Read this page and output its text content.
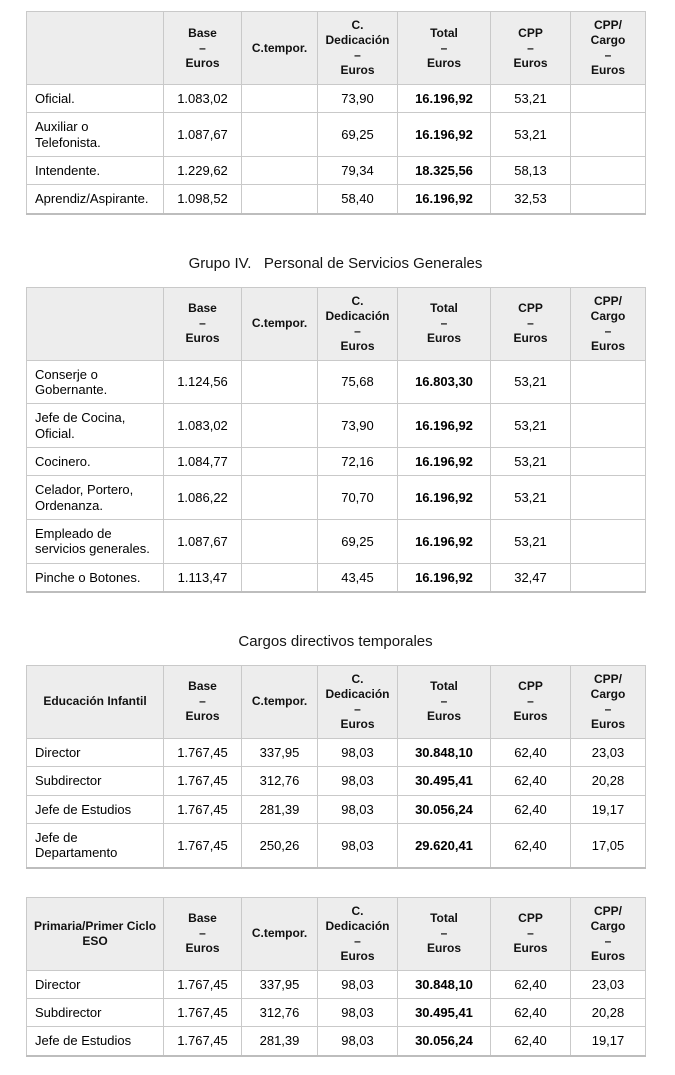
	Base
–
Euros	C.tempor.	C.
Dedicación
–
Euros	Total
–
Euros	CPP
–
Euros	CPP/
Cargo
–
Euros
Oficial.	1.083,02		73,90	16.196,92	53,21	
Auxiliar o Telefonista.	1.087,67		69,25	16.196,92	53,21	
Intendente.	1.229,62		79,34	18.325,56	58,13	
Aprendiz/Aspirante.	1.098,52		58,40	16.196,92	32,53	
Grupo IV.   Personal de Servicios Generales
	Base
–
Euros	C.tempor.	C.
Dedicación
–
Euros	Total
–
Euros	CPP
–
Euros	CPP/
Cargo
–
Euros
Conserje o Gobernante.	1.124,56		75,68	16.803,30	53,21	
Jefe de Cocina, Oficial.	1.083,02		73,90	16.196,92	53,21	
Cocinero.	1.084,77		72,16	16.196,92	53,21	
Celador, Portero, Ordenanza.	1.086,22		70,70	16.196,92	53,21	
Empleado de servicios generales.	1.087,67		69,25	16.196,92	53,21	
Pinche o Botones.	1.113,47		43,45	16.196,92	32,47	
Cargos directivos temporales
Educación Infantil	Base
–
Euros	C.tempor.	C.
Dedicación
–
Euros	Total
–
Euros	CPP
–
Euros	CPP/
Cargo
–
Euros
Director	1.767,45	337,95	98,03	30.848,10	62,40	23,03
Subdirector	1.767,45	312,76	98,03	30.495,41	62,40	20,28
Jefe de Estudios	1.767,45	281,39	98,03	30.056,24	62,40	19,17
Jefe de Departamento	1.767,45	250,26	98,03	29.620,41	62,40	17,05
Primaria/Primer Ciclo ESO	Base
–
Euros	C.tempor.	C.
Dedicación
–
Euros	Total
–
Euros	CPP
–
Euros	CPP/
Cargo
–
Euros
Director	1.767,45	337,95	98,03	30.848,10	62,40	23,03
Subdirector	1.767,45	312,76	98,03	30.495,41	62,40	20,28
Jefe de Estudios	1.767,45	281,39	98,03	30.056,24	62,40	19,17
